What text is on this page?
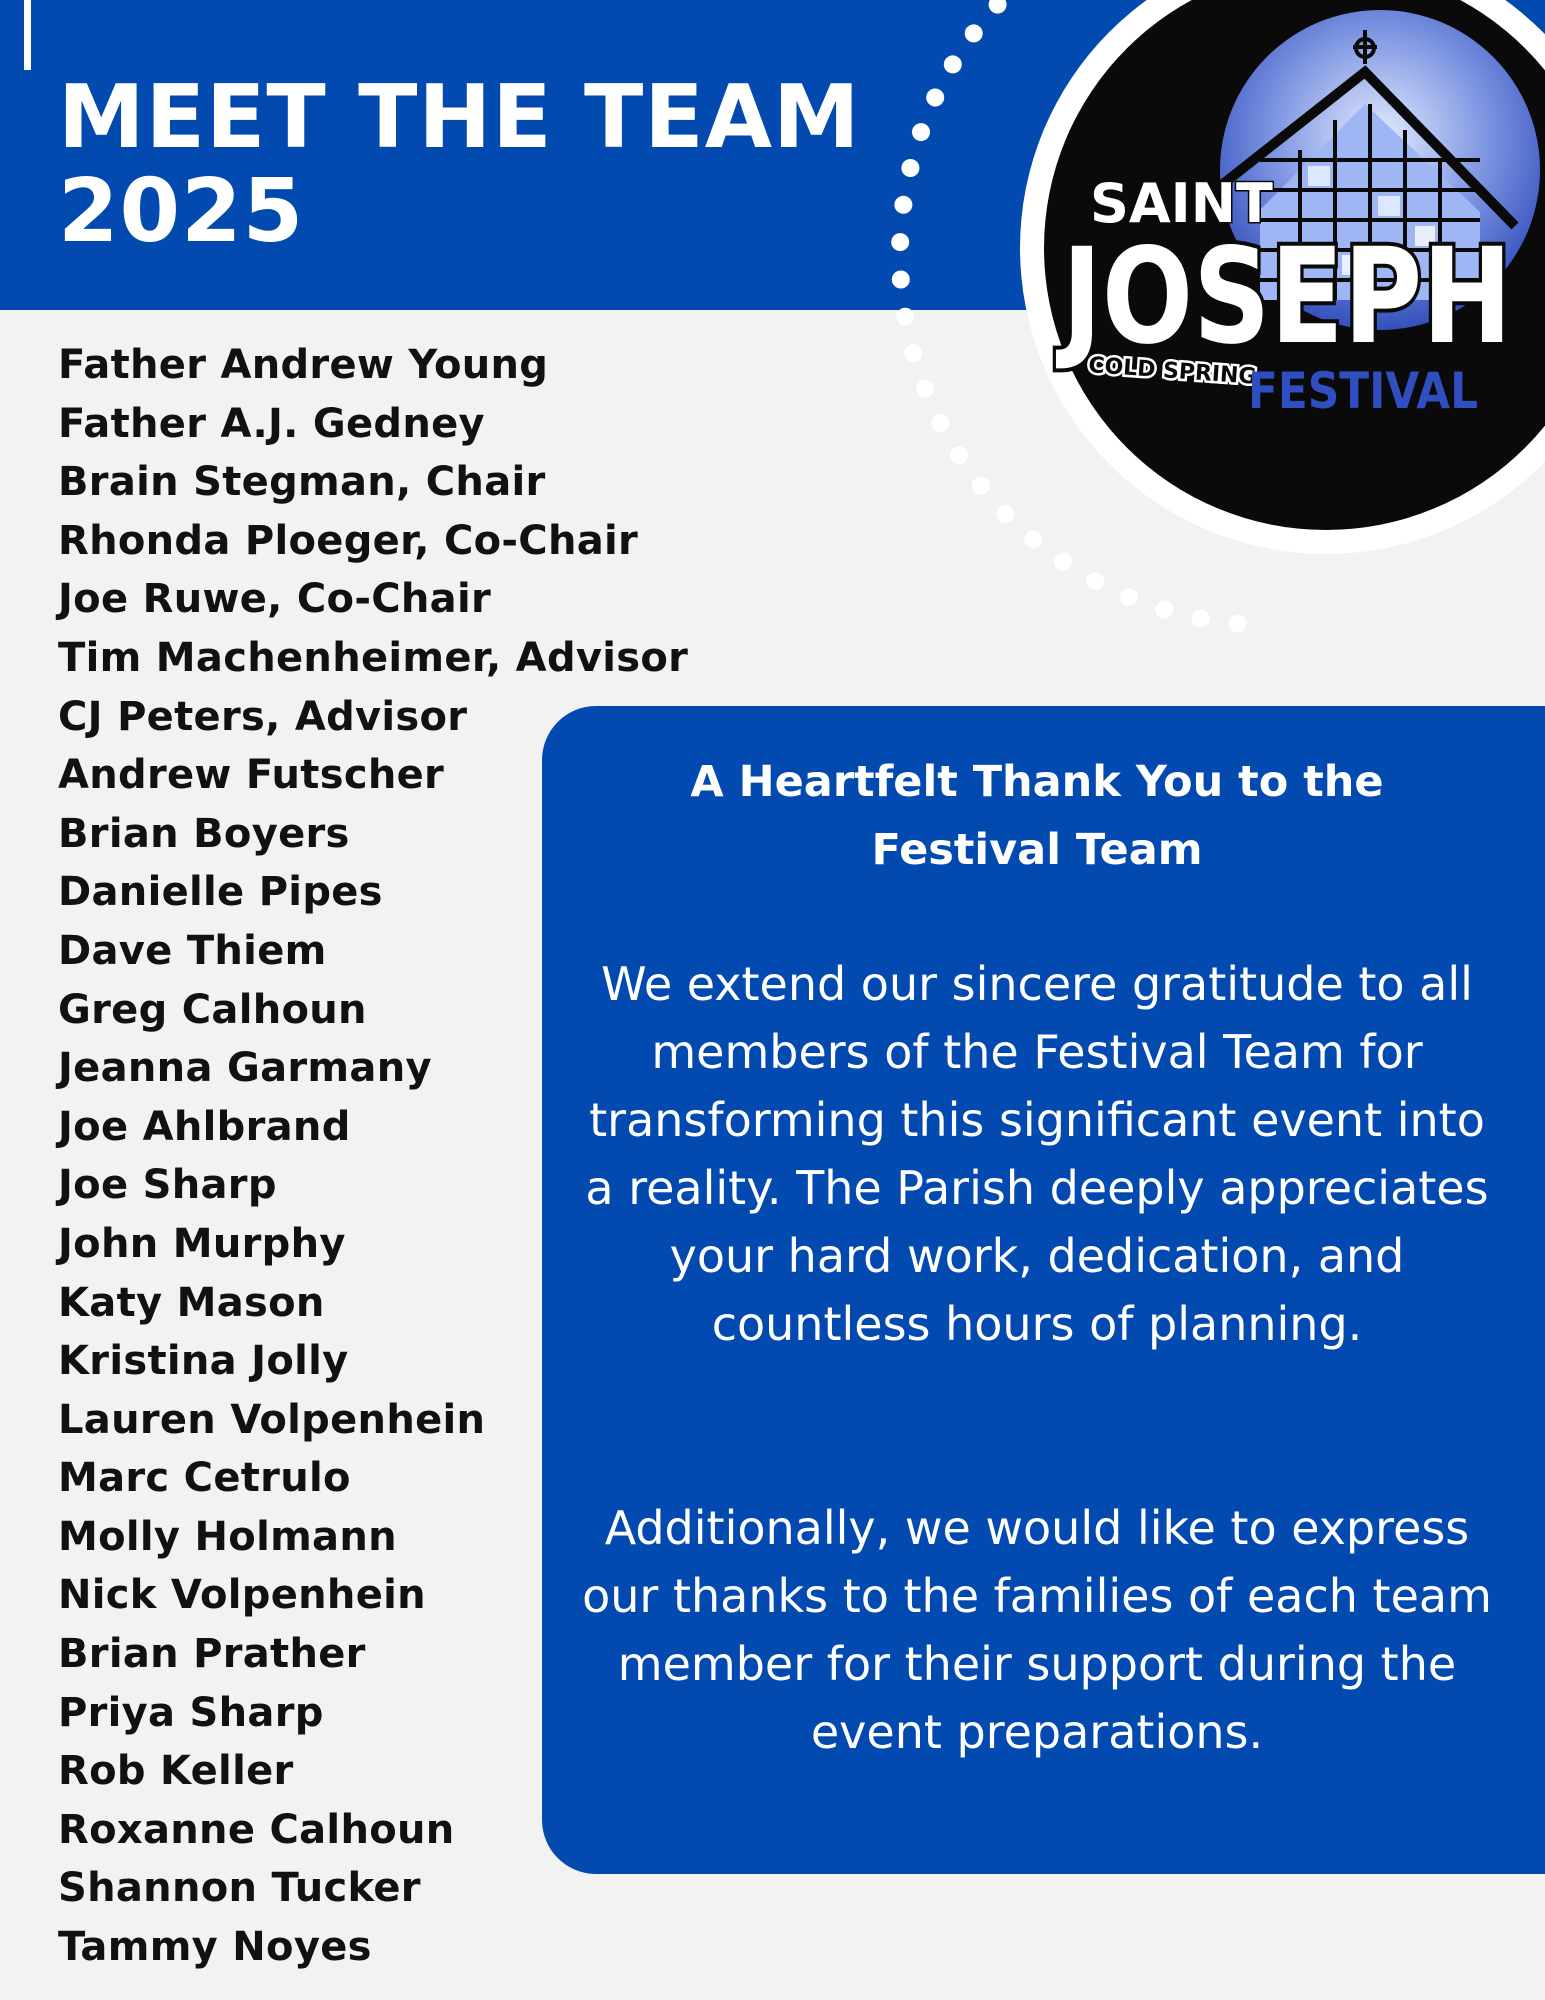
MEET THE TEAM
2025	SAINT
JOSEPH
COLD SPRING
FESTIVAL
Father Andrew Young
Father A.J. Gedney
Brain Stegman, Chair
Rhonda Ploeger, Co-Chair
Joe Ruwe, Co-Chair
Tim Machenheimer, Advisor
CJ Peters, Advisor
Andrew Futscher
Brian Boyers
Danielle Pipes
Dave Thiem
Greg Calhoun
Jeanna Garmany
Joe Ahlbrand
Joe Sharp
John Murphy
Katy Mason
Kristina Jolly
Lauren Volpenhein
Marc Cetrulo
Molly Holmann
Nick Volpenhein
Brian Prather
Priya Sharp
Rob Keller
Roxanne Calhoun
Shannon Tucker
Tammy Noyes
A Heartfelt Thank You to the Festival Team

We extend our sincere gratitude to all members of the Festival Team for transforming this significant event into a reality. The Parish deeply appreciates your hard work, dedication, and countless hours of planning.

Additionally, we would like to express our thanks to the families of each team member for their support during the event preparations.
